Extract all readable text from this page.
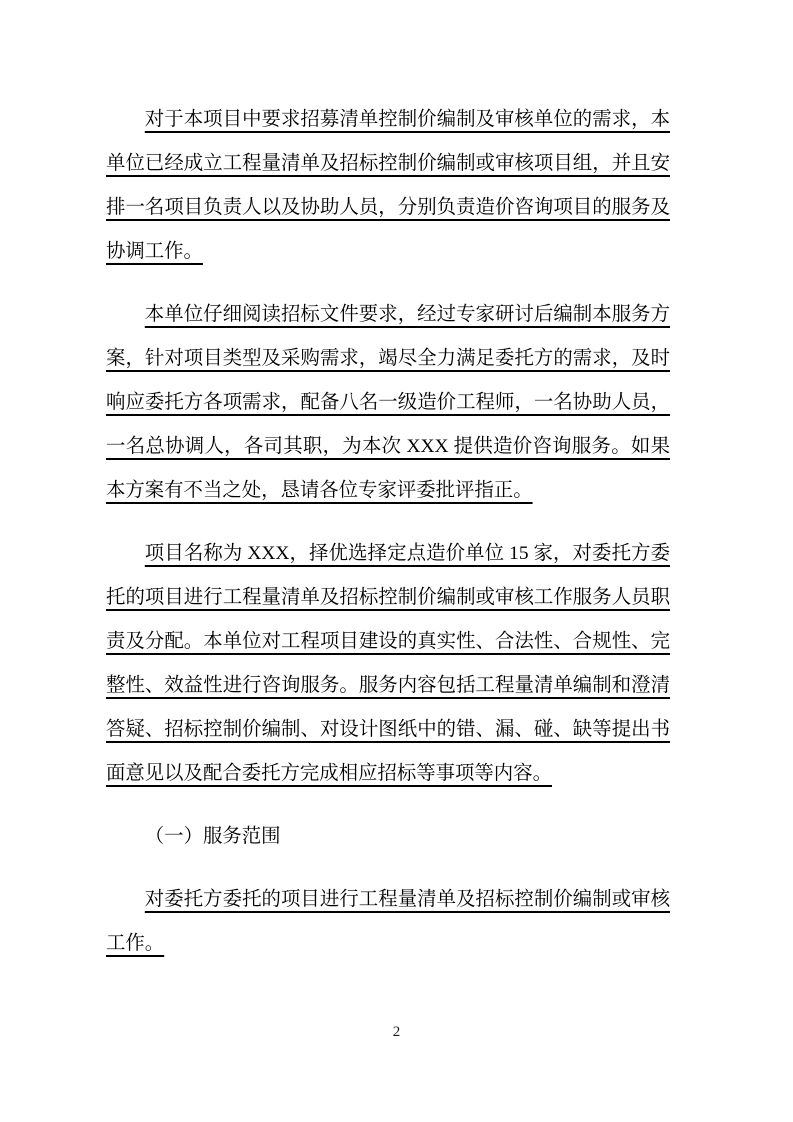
对于本项目中要求招募清单控制价编制及审核单位的需求，本单位已经成立工程量清单及招标控制价编制或审核项目组，并且安排一名项目负责人以及协助人员，分别负责造价咨询项目的服务及协调工作。

本单位仔细阅读招标文件要求，经过专家研讨后编制本服务方案，针对项目类型及采购需求，竭尽全力满足委托方的需求，及时响应委托方各项需求，配备八名一级造价工程师，一名协助人员，一名总协调人，各司其职，为本次 XXX 提供造价咨询服务。如果本方案有不当之处，恳请各位专家评委批评指正。

项目名称为 XXX，择优选择定点造价单位 15 家，对委托方委托的项目进行工程量清单及招标控制价编制或审核工作服务人员职责及分配。本单位对工程项目建设的真实性、合法性、合规性、完整性、效益性进行咨询服务。服务内容包括工程量清单编制和澄清答疑、招标控制价编制、对设计图纸中的错、漏、碰、缺等提出书面意见以及配合委托方完成相应招标等事项等内容。

（一）服务范围

对委托方委托的项目进行工程量清单及招标控制价编制或审核工作。

2
